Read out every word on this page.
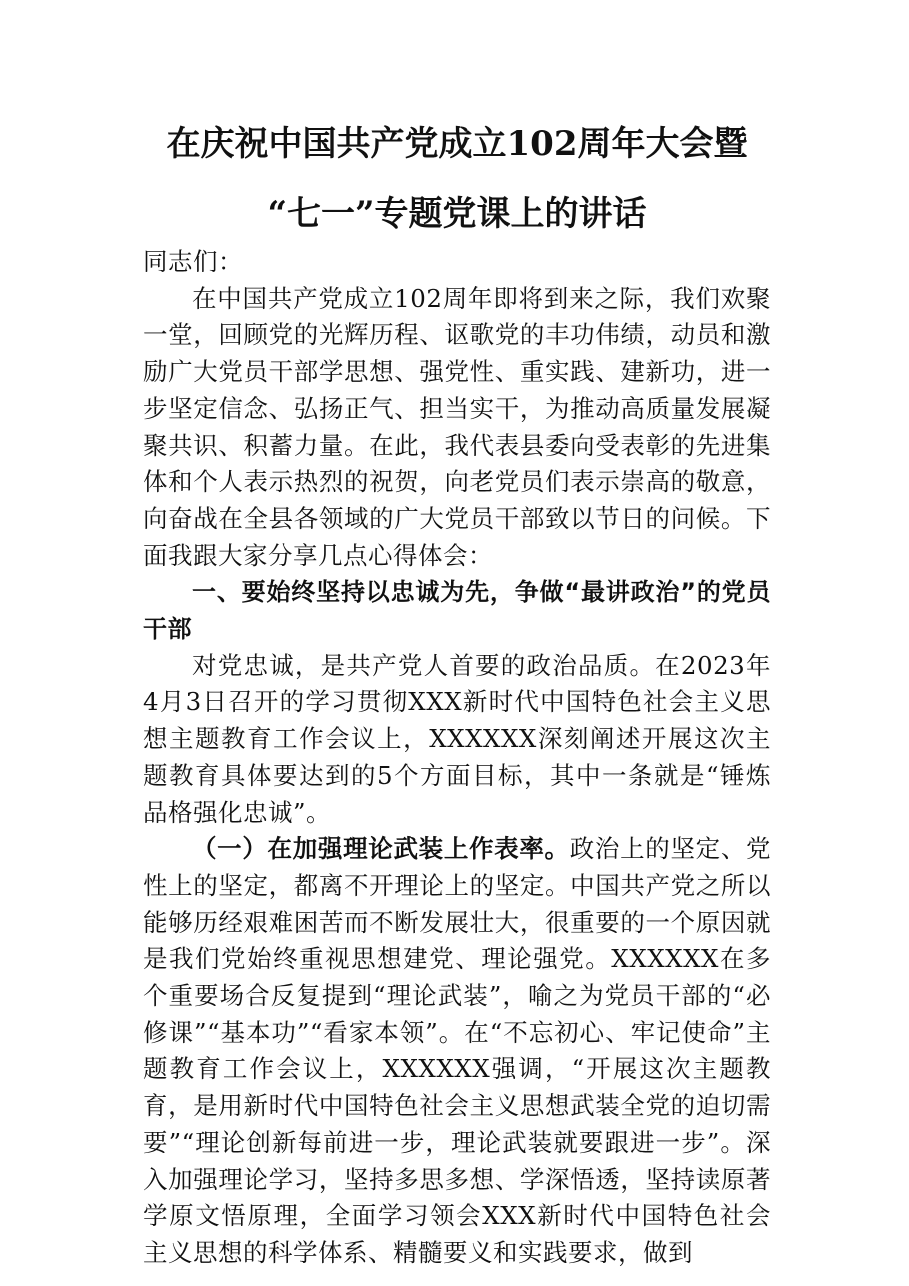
在庆祝中国共产党成立102周年大会暨
“七一”专题党课上的讲话

同志们：

在中国共产党成立102周年即将到来之际，我们欢聚一堂，回顾党的光辉历程、讴歌党的丰功伟绩，动员和激励广大党员干部学思想、强党性、重实践、建新功，进一步坚定信念、弘扬正气、担当实干，为推动高质量发展凝聚共识、积蓄力量。在此，我代表县委向受表彰的先进集体和个人表示热烈的祝贺，向老党员们表示崇高的敬意，向奋战在全县各领域的广大党员干部致以节日的问候。下面我跟大家分享几点心得体会：

一、要始终坚持以忠诚为先，争做“最讲政治”的党员干部

对党忠诚，是共产党人首要的政治品质。在2023年4月3日召开的学习贯彻XXX新时代中国特色社会主义思想主题教育工作会议上，XXXXXX深刻阐述开展这次主题教育具体要达到的5个方面目标，其中一条就是“锤炼品格强化忠诚”。

（一）在加强理论武装上作表率。政治上的坚定、党性上的坚定，都离不开理论上的坚定。中国共产党之所以能够历经艰难困苦而不断发展壮大，很重要的一个原因就是我们党始终重视思想建党、理论强党。XXXXXX在多个重要场合反复提到“理论武装”，喻之为党员干部的“必修课”“基本功”“看家本领”。在“不忘初心、牢记使命”主题教育工作会议上，XXXXXX强调，“开展这次主题教育，是用新时代中国特色社会主义思想武装全党的迫切需要”“理论创新每前进一步，理论武装就要跟进一步”。深入加强理论学习，坚持多思多想、学深悟透，坚持读原著学原文悟原理，全面学习领会XXX新时代中国特色社会主义思想的科学体系、精髓要义和实践要求，做到
